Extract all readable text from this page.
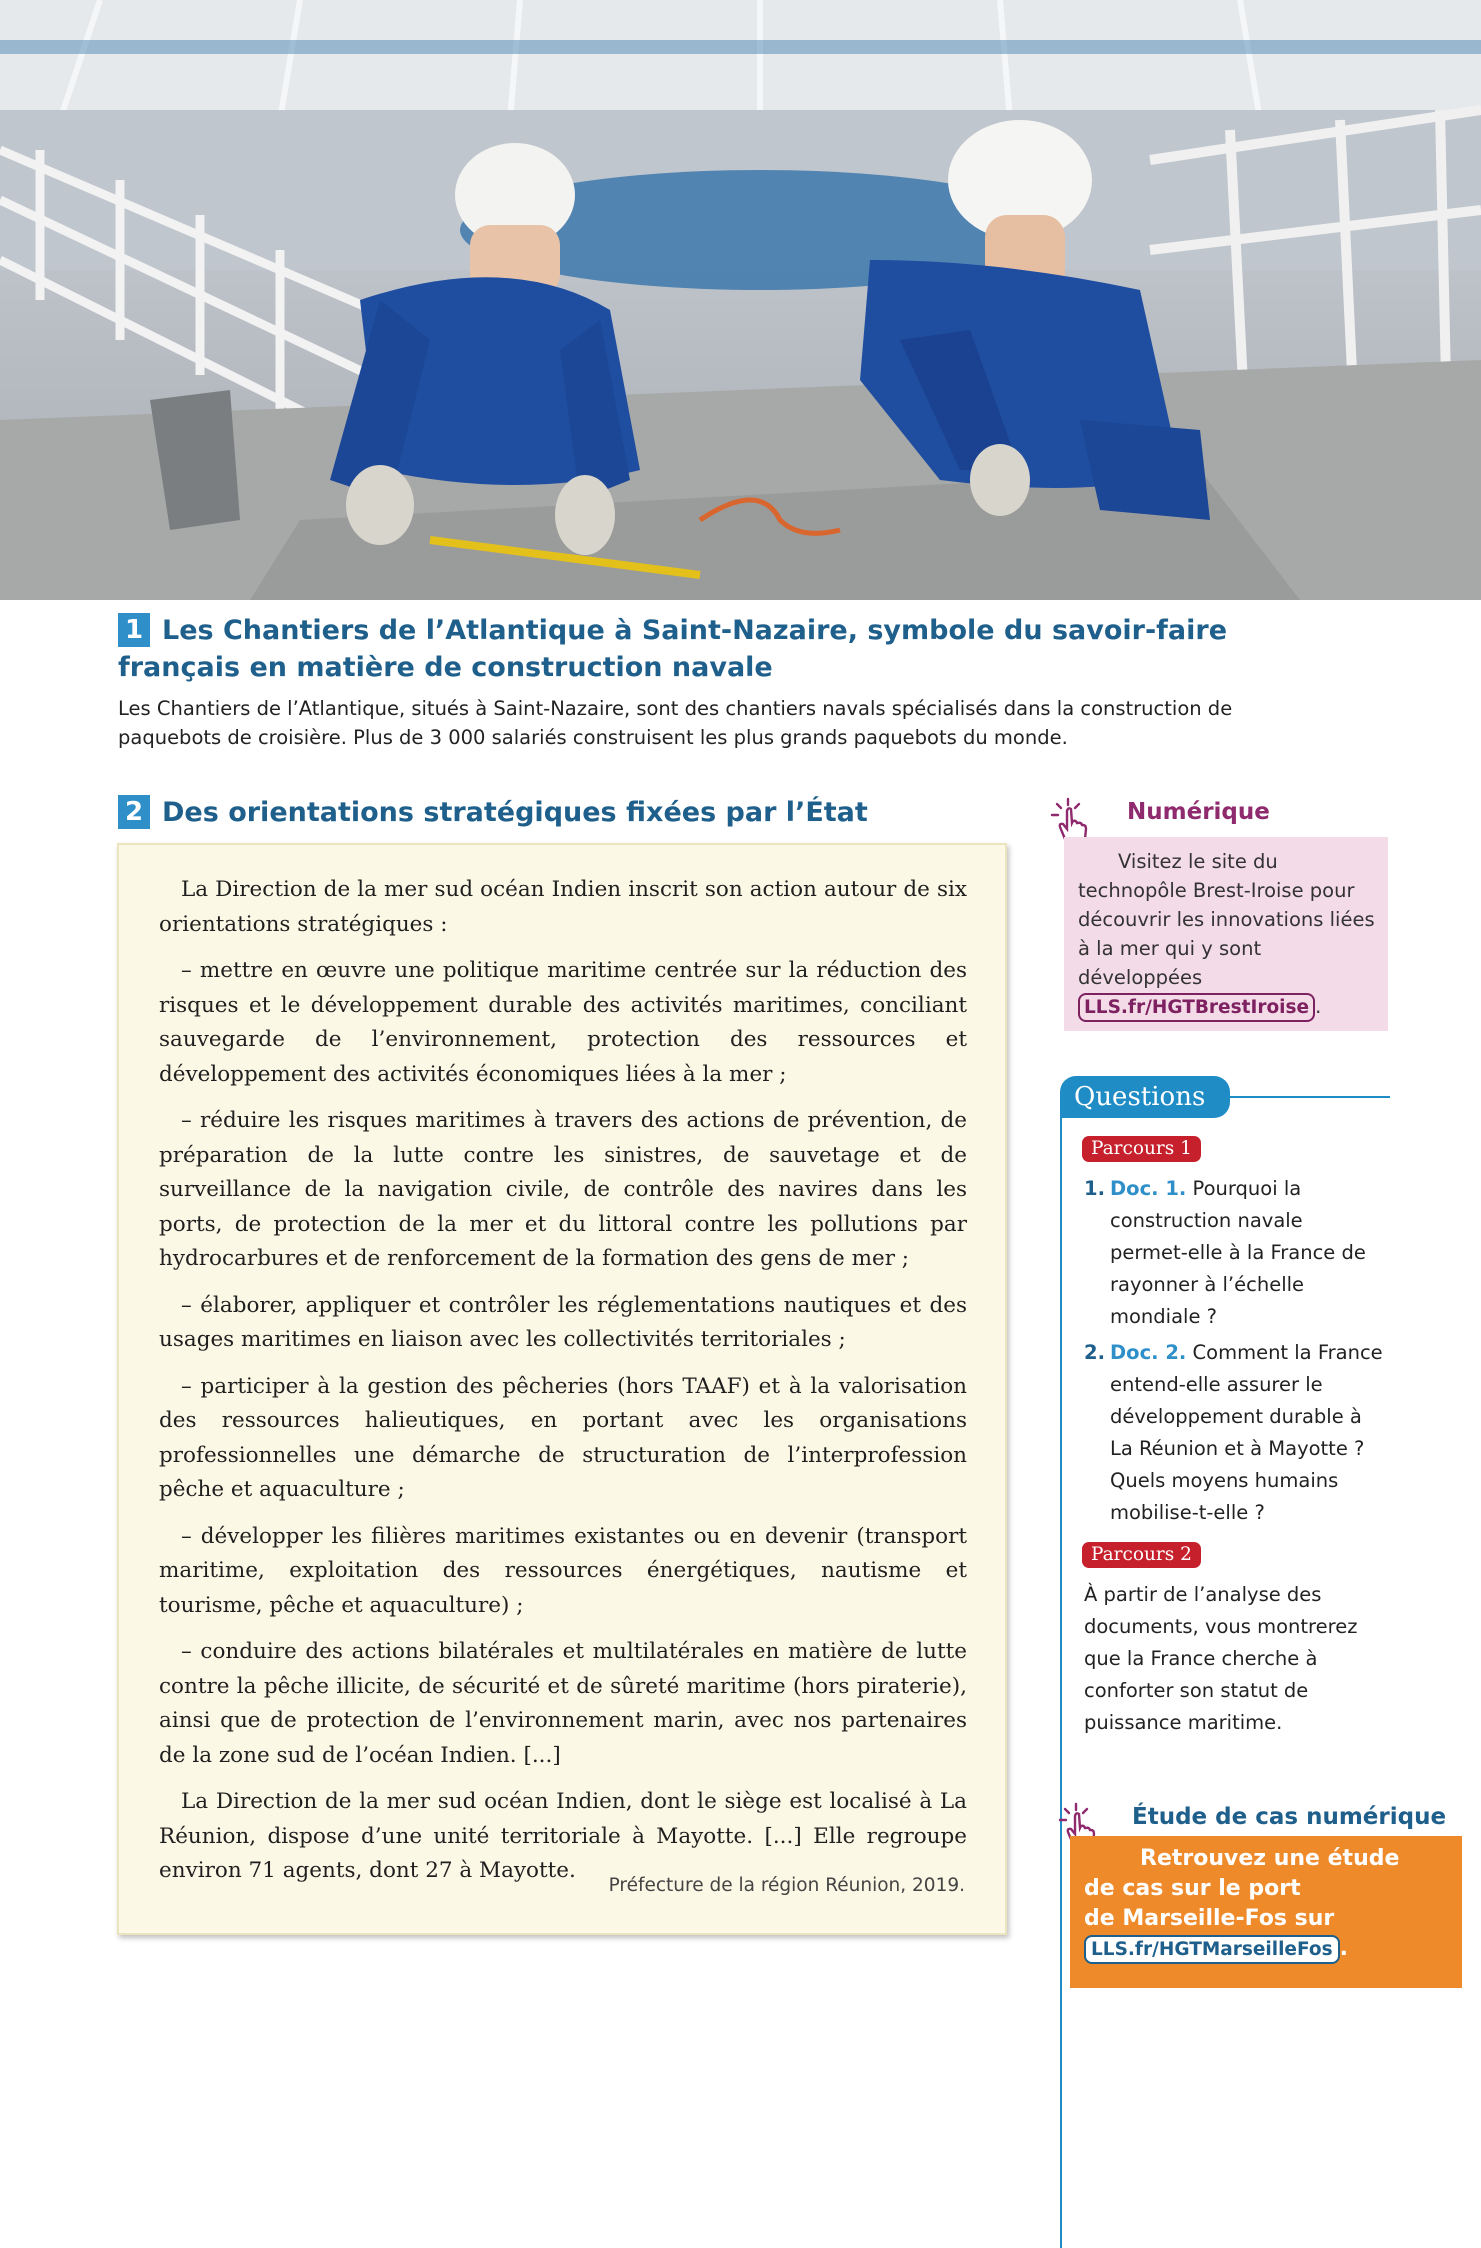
1 Les Chantiers de l’Atlantique à Saint-Nazaire, symbole du savoir-faire français en matière de construction navale
Les Chantiers de l’Atlantique, situés à Saint-Nazaire, sont des chantiers navals spécialisés dans la construction de paquebots de croisière. Plus de 3 000 salariés construisent les plus grands paquebots du monde.
2 Des orientations stratégiques fixées par l’État

La Direction de la mer sud océan Indien inscrit son action autour de six orientations stratégiques :

– mettre en œuvre une politique maritime centrée sur la réduction des risques et le développement durable des activités maritimes, conciliant sauvegarde de l’environnement, protection des ressources et développement des activités économiques liées à la mer ;

– réduire les risques maritimes à travers des actions de prévention, de préparation de la lutte contre les sinistres, de sauvetage et de surveillance de la navigation civile, de contrôle des navires dans les ports, de protection de la mer et du littoral contre les pollutions par hydrocarbures et de renforcement de la formation des gens de mer ;

– élaborer, appliquer et contrôler les réglementations nautiques et des usages maritimes en liaison avec les collectivités territoriales ;

– participer à la gestion des pêcheries (hors TAAF) et à la valorisation des ressources halieutiques, en portant avec les organisations professionnelles une démarche de structuration de l’interprofession pêche et aquaculture ;

– développer les filières maritimes existantes ou en devenir (transport maritime, exploitation des ressources énergétiques, nautisme et tourisme, pêche et aquaculture) ;

– conduire des actions bilatérales et multilatérales en matière de lutte contre la pêche illicite, de sécurité et de sûreté maritime (hors piraterie), ainsi que de protection de l’environnement marin, avec nos partenaires de la zone sud de l’océan Indien. [...]

La Direction de la mer sud océan Indien, dont le siège est localisé à La Réunion, dispose d’une unité territoriale à Mayotte. [...] Elle regroupe environ 71 agents, dont 27 à Mayotte.

Préfecture de la région Réunion, 2019.
Numérique
Visitez le site du technopôle Brest-Iroise pour découvrir les innovations liées à la mer qui y sont développées LLS.fr/HGTBrestIroise .
Questions
Parcours 1
1. Doc. 1. Pourquoi la construction navale permet-elle à la France de rayonner à l’échelle mondiale ?
2. Doc. 2. Comment la France entend-elle assurer le développement durable à La Réunion et à Mayotte ? Quels moyens humains mobilise-t-elle ?
Parcours 2
À partir de l’analyse des documents, vous montrerez que la France cherche à conforter son statut de puissance maritime.
Étude de cas numérique
Retrouvez une étude
de cas sur le port
de Marseille-Fos sur
LLS.fr/HGTMarseilleFos .
